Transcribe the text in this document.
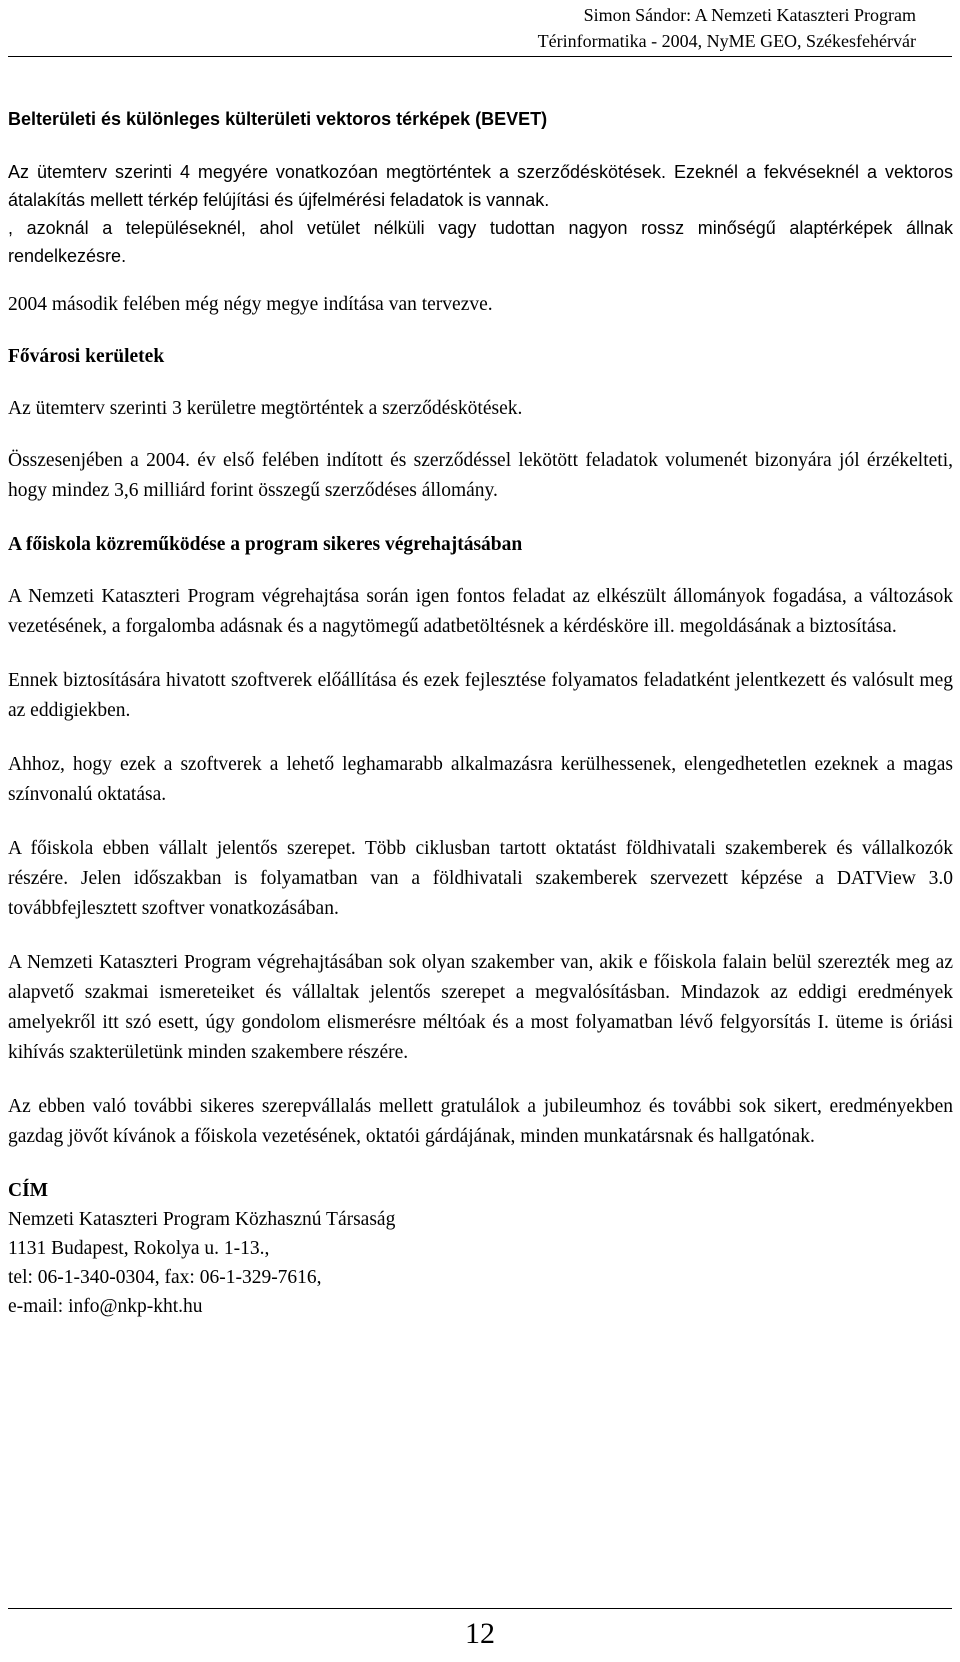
Simon Sándor: A Nemzeti Kataszteri Program
Térinformatika - 2004, NyME GEO, Székesfehérvár
Belterületi és különleges külterületi vektoros térképek (BEVET)

Az ütemterv szerinti 4 megyére vonatkozóan megtörténtek a szerződéskötések. Ezeknél a fekvéseknél a vektoros átalakítás mellett térkép felújítási és újfelmérési feladatok is vannak.

, azoknál a településeknél, ahol vetület nélküli vagy tudottan nagyon rossz minőségű alaptérképek állnak rendelkezésre.

2004 második felében még négy megye indítása van tervezve.

Fővárosi kerületek

Az ütemterv szerinti 3 kerületre megtörténtek a szerződéskötések.

Összesenjében a 2004. év első felében indított és szerződéssel lekötött feladatok volumenét bizonyára jól érzékelteti, hogy mindez 3,6 milliárd forint összegű szerződéses állomány.

A főiskola közreműködése a program sikeres végrehajtásában

A Nemzeti Kataszteri Program végrehajtása során igen fontos feladat az elkészült állományok fogadása, a változások vezetésének, a forgalomba adásnak és a nagytömegű adatbetöltésnek a kérdésköre ill. megoldásának a biztosítása.

Ennek biztosítására hivatott szoftverek előállítása és ezek fejlesztése folyamatos feladatként jelentkezett és valósult meg az eddigiekben.

Ahhoz, hogy ezek a szoftverek a lehető leghamarabb alkalmazásra kerülhessenek, elengedhetetlen ezeknek a magas színvonalú oktatása.

A főiskola ebben vállalt jelentős szerepet. Több ciklusban tartott oktatást földhivatali szakemberek és vállalkozók részére. Jelen időszakban is folyamatban van a földhivatali szakemberek szervezett képzése a DATView 3.0 továbbfejlesztett szoftver vonatkozásában.

A Nemzeti Kataszteri Program végrehajtásában sok olyan szakember van, akik e főiskola falain belül szerezték meg az alapvető szakmai ismereteiket és vállaltak jelentős szerepet a megvalósításban. Mindazok az eddigi eredmények amelyekről itt szó esett, úgy gondolom elismerésre méltóak és a most folyamatban lévő felgyorsítás I. üteme is óriási kihívás szakterületünk minden szakembere részére.

Az ebben való további sikeres szerepvállalás mellett gratulálok a jubileumhoz és további sok sikert, eredményekben gazdag jövőt kívánok a főiskola vezetésének, oktatói gárdájának, minden munkatársnak és hallgatónak.

CÍM

Nemzeti Kataszteri Program Közhasznú Társaság

1131 Budapest, Rokolya u. 1-13.,

tel: 06-1-340-0304, fax: 06-1-329-7616,

e-mail: info@nkp-kht.hu

12
